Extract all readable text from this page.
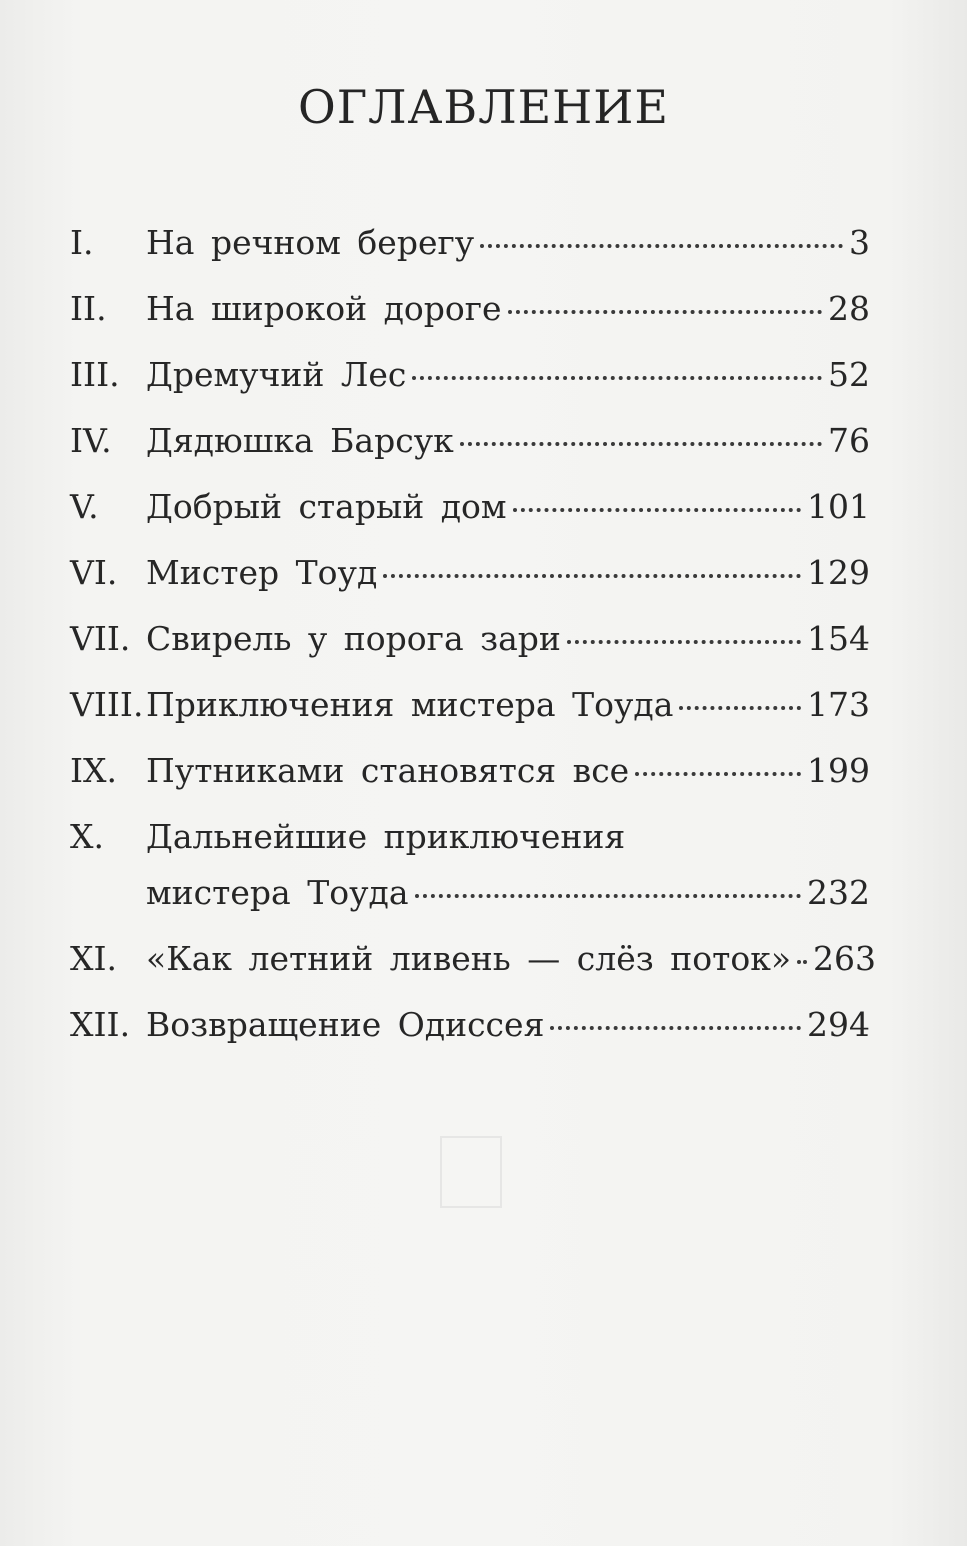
ОГЛАВЛЕНИЕ
I.	На речном берегу	3
II.	На широкой дороге	28
III. Дремучий Лес	52
IV.	Дядюшка Барсук	76
V.	Добрый старый дом	101
VI. Мистер Тоуд	129
VII. Свирель у порога зари	154
VIII. Приключения мистера Тоуда	173
IX. Путниками становятся все	199
X.	Дальнейшие приключения
мистера Тоуда	232
XI. «Как летний ливень — слёз поток» 263
XII. Возвращение Одиссея	294
